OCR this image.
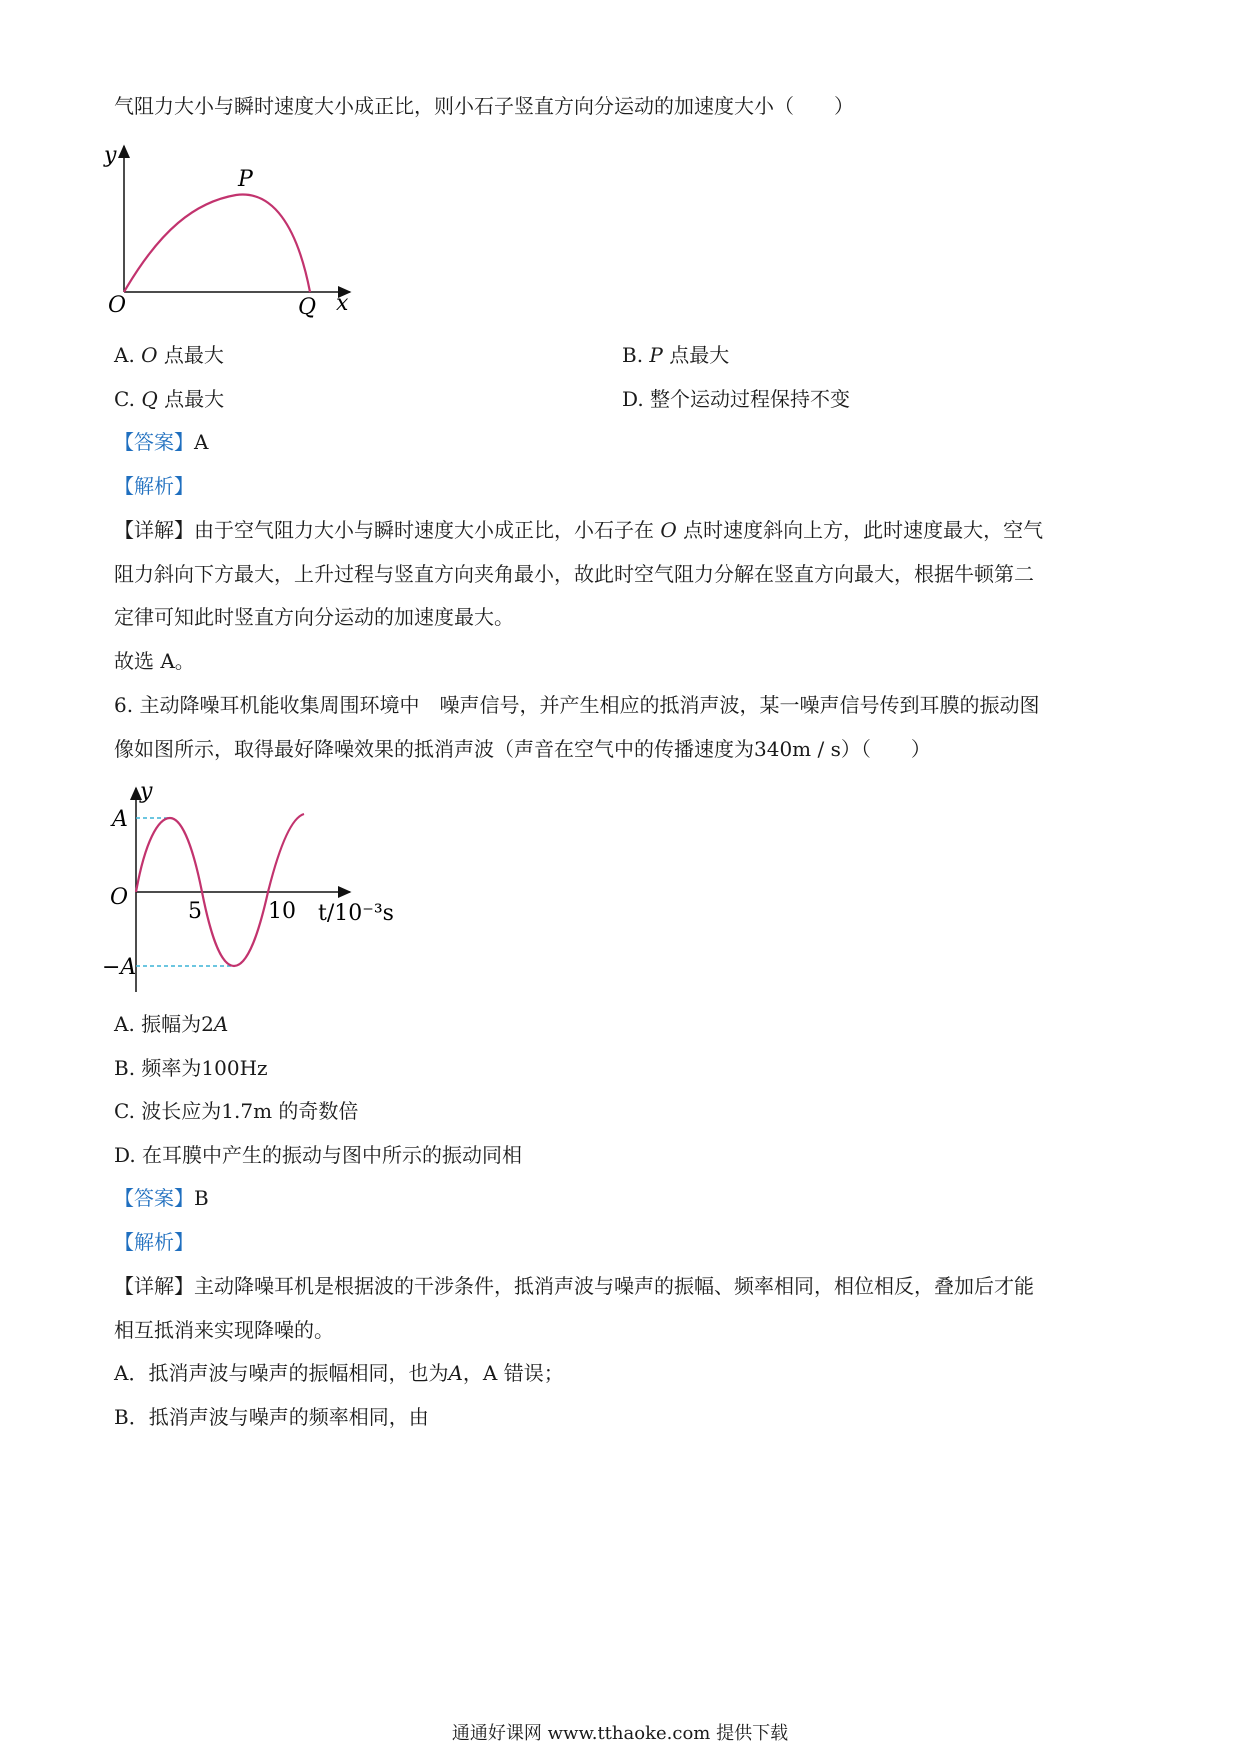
气阻力大小与瞬时速度大小成正比，则小石子竖直方向分运动的加速度大小（　　）
y
P
O	Q x
A. O 点最大	B. P 点最大
C. Q 点最大	D. 整个运动过程保持不变
【答案】A
【解析】
【详解】由于空气阻力大小与瞬时速度大小成正比，小石子在 O 点时速度斜向上方，此时速度最大，空气
阻力斜向下方最大，上升过程与竖直方向夹角最小，故此时空气阻力分解在竖直方向最大，根据牛顿第二
定律可知此时竖直方向分运动的加速度最大。
故选 A。
6. 主动降噪耳机能收集周围环境中　噪声信号，并产生相应的抵消声波，某一噪声信号传到耳膜的振动图
像如图所示，取得最好降噪效果的抵消声波（声音在空气中的传播速度为340m / s）（　　）
y
A
O
−A
5	10 t/10⁻³s
A. 振幅为2A
B. 频率为100Hz
C. 波长应为1.7m 的奇数倍
D. 在耳膜中产生的振动与图中所示的振动同相
【答案】B
【解析】
【详解】主动降噪耳机是根据波的干涉条件，抵消声波与噪声的振幅、频率相同，相位相反，叠加后才能
相互抵消来实现降噪的。
A．抵消声波与噪声的振幅相同，也为A，A 错误；
B．抵消声波与噪声的频率相同，由
通通好课网 www.tthaoke.com 提供下载
